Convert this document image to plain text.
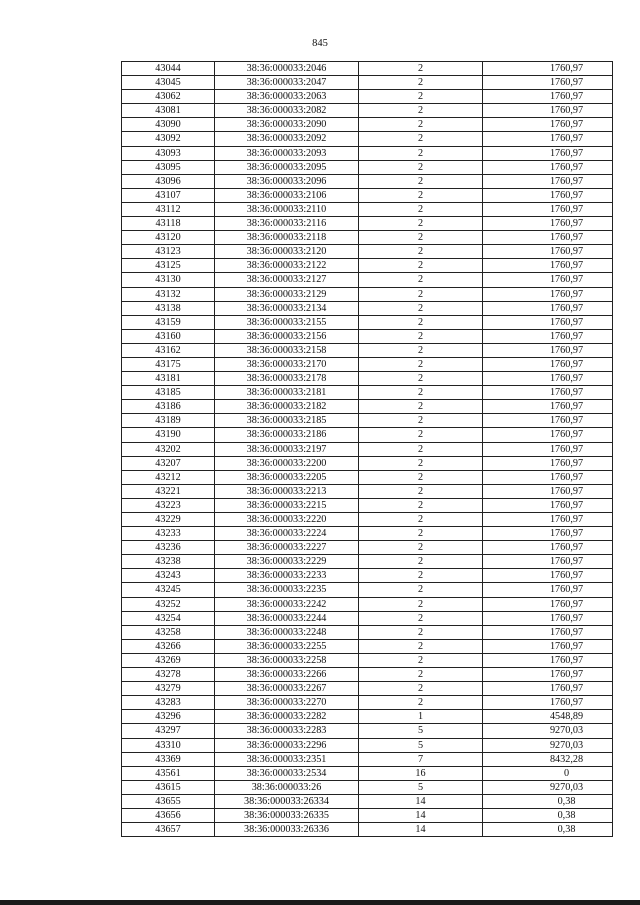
845
43044	38:36:000033:2046	2	1760,97
43045	38:36:000033:2047	2	1760,97
43062	38:36:000033:2063	2	1760,97
43081	38:36:000033:2082	2	1760,97
43090	38:36:000033:2090	2	1760,97
43092	38:36:000033:2092	2	1760,97
43093	38:36:000033:2093	2	1760,97
43095	38:36:000033:2095	2	1760,97
43096	38:36:000033:2096	2	1760,97
43107	38:36:000033:2106	2	1760,97
43112	38:36:000033:2110	2	1760,97
43118	38:36:000033:2116	2	1760,97
43120	38:36:000033:2118	2	1760,97
43123	38:36:000033:2120	2	1760,97
43125	38:36:000033:2122	2	1760,97
43130	38:36:000033:2127	2	1760,97
43132	38:36:000033:2129	2	1760,97
43138	38:36:000033:2134	2	1760,97
43159	38:36:000033:2155	2	1760,97
43160	38:36:000033:2156	2	1760,97
43162	38:36:000033:2158	2	1760,97
43175	38:36:000033:2170	2	1760,97
43181	38:36:000033:2178	2	1760,97
43185	38:36:000033:2181	2	1760,97
43186	38:36:000033:2182	2	1760,97
43189	38:36:000033:2185	2	1760,97
43190	38:36:000033:2186	2	1760,97
43202	38:36:000033:2197	2	1760,97
43207	38:36:000033:2200	2	1760,97
43212	38:36:000033:2205	2	1760,97
43221	38:36:000033:2213	2	1760,97
43223	38:36:000033:2215	2	1760,97
43229	38:36:000033:2220	2	1760,97
43233	38:36:000033:2224	2	1760,97
43236	38:36:000033:2227	2	1760,97
43238	38:36:000033:2229	2	1760,97
43243	38:36:000033:2233	2	1760,97
43245	38:36:000033:2235	2	1760,97
43252	38:36:000033:2242	2	1760,97
43254	38:36:000033:2244	2	1760,97
43258	38:36:000033:2248	2	1760,97
43266	38:36:000033:2255	2	1760,97
43269	38:36:000033:2258	2	1760,97
43278	38:36:000033:2266	2	1760,97
43279	38:36:000033:2267	2	1760,97
43283	38:36:000033:2270	2	1760,97
43296	38:36:000033:2282	1	4548,89
43297	38:36:000033:2283	5	9270,03
43310	38:36:000033:2296	5	9270,03
43369	38:36:000033:2351	7	8432,28
43561	38:36:000033:2534	16	0
43615	38:36:000033:26	5	9270,03
43655	38:36:000033:26334	14	0,38
43656	38:36:000033:26335	14	0,38
43657	38:36:000033:26336	14	0,38
